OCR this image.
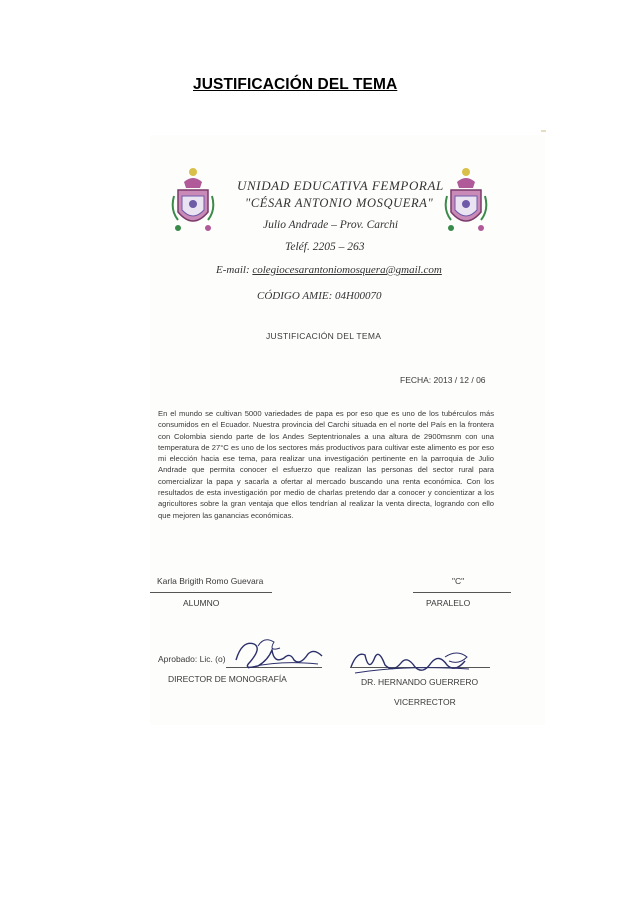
JUSTIFICACIÓN DEL TEMA
UNIDAD EDUCATIVA FEMPORAL
"CÉSAR ANTONIO MOSQUERA"
Julio Andrade – Prov. Carchi
Teléf. 2205 – 263
E-mail: colegiocesarantoniomosquera@gmail.com
CÓDIGO AMIE: 04H00070
JUSTIFICACIÓN DEL TEMA
FECHA: 2013 / 12 / 06
En el mundo se cultivan 5000 variedades de papa es por eso que es uno de los tubérculos más consumidos en el Ecuador. Nuestra provincia del Carchi situada en el norte del País en la frontera con Colombia siendo parte de los Andes Septentrionales a una altura de 2900msnm con una temperatura de 27°C es uno de los sectores más productivos para cultivar este alimento es por eso mi elección hacia ese tema, para realizar una investigación pertinente en la parroquia de Julio Andrade que permita conocer el esfuerzo que realizan las personas del sector rural para comercializar la papa y sacarla a ofertar al mercado buscando una renta económica. Con los resultados de esta investigación por medio de charlas pretendo dar a conocer y concientizar a los agricultores sobre la gran ventaja que ellos tendrían al realizar la venta directa, logrando con ello que mejoren las ganancias económicas.
Karla Brigith Romo Guevara
ALUMNO
"C"
PARALELO
Aprobado: Lic. (o)
DIRECTOR DE MONOGRAFÍA	DR. HERNANDO GUERRERO
VICERRECTOR
